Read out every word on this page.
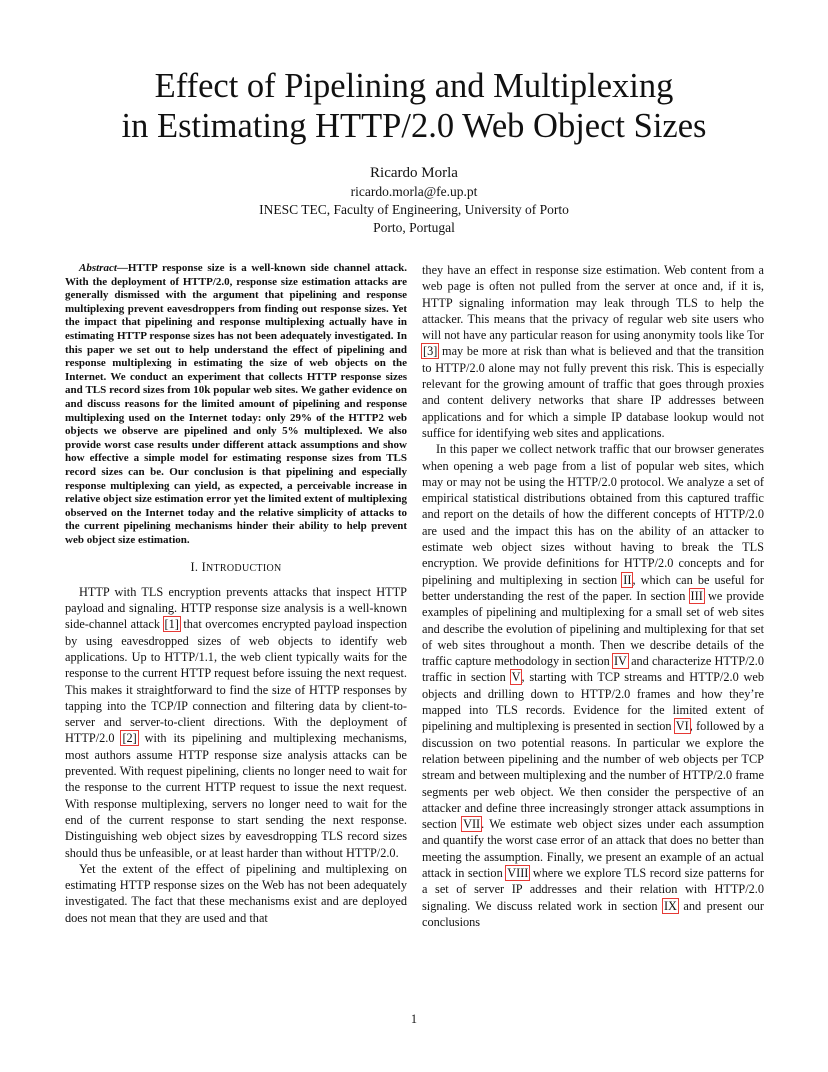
Effect of Pipelining and Multiplexing
in Estimating HTTP/2.0 Web Object Sizes
Ricardo Morla
ricardo.morla@fe.up.pt
INESC TEC, Faculty of Engineering, University of Porto
Porto, Portugal

Abstract—HTTP response size is a well-known side channel attack. With the deployment of HTTP/2.0, response size estimation attacks are generally dismissed with the argument that pipelining and response multiplexing prevent eavesdroppers from finding out response sizes. Yet the impact that pipelining and response multiplexing actually have in estimating HTTP response sizes has not been adequately investigated. In this paper we set out to help understand the effect of pipelining and response multiplexing in estimating the size of web objects on the Internet. We conduct an experiment that collects HTTP response sizes and TLS record sizes from 10k popular web sites. We gather evidence on and discuss reasons for the limited amount of pipelining and response multiplexing used on the Internet today: only 29% of the HTTP2 web objects we observe are pipelined and only 5% multiplexed. We also provide worst case results under different attack assumptions and show how effective a simple model for estimating response sizes from TLS record sizes can be. Our conclusion is that pipelining and especially response multiplexing can yield, as expected, a perceivable increase in relative object size estimation error yet the limited extent of multiplexing observed on the Internet today and the relative simplicity of attacks to the current pipelining mechanisms hinder their ability to help prevent web object size estimation.

I. INTRODUCTION

HTTP with TLS encryption prevents attacks that inspect HTTP payload and signaling. HTTP response size analysis is a well-known side-channel attack [1] that overcomes encrypted payload inspection by using eavesdropped sizes of web objects to identify web applications. Up to HTTP/1.1, the web client typically waits for the response to the current HTTP request before issuing the next request. This makes it straightforward to find the size of HTTP responses by tapping into the TCP/IP connection and filtering data by client-to-server and server-to-client directions. With the deployment of HTTP/2.0 [2] with its pipelining and multiplexing mechanisms, most authors assume HTTP response size analysis attacks can be prevented. With request pipelining, clients no longer need to wait for the response to the current HTTP request to issue the next request. With response multiplexing, servers no longer need to wait for the end of the current response to start sending the next response. Distinguishing web object sizes by eavesdropping TLS record sizes should thus be unfeasible, or at least harder than without HTTP/2.0.

Yet the extent of the effect of pipelining and multiplexing on estimating HTTP response sizes on the Web has not been adequately investigated. The fact that these mechanisms exist and are deployed does not mean that they are used and that

they have an effect in response size estimation. Web content from a web page is often not pulled from the server at once and, if it is, HTTP signaling information may leak through TLS to help the attacker. This means that the privacy of regular web site users who will not have any particular reason for using anonymity tools like Tor [3] may be more at risk than what is believed and that the transition to HTTP/2.0 alone may not fully prevent this risk. This is especially relevant for the growing amount of traffic that goes through proxies and content delivery networks that share IP addresses between applications and for which a simple IP database lookup would not suffice for identifying web sites and applications.

In this paper we collect network traffic that our browser generates when opening a web page from a list of popular web sites, which may or may not be using the HTTP/2.0 protocol. We analyze a set of empirical statistical distributions obtained from this captured traffic and report on the details of how the different concepts of HTTP/2.0 are used and the impact this has on the ability of an attacker to estimate web object sizes without having to break the TLS encryption. We provide definitions for HTTP/2.0 concepts and for pipelining and multiplexing in section II, which can be useful for better understanding the rest of the paper. In section III we provide examples of pipelining and multiplexing for a small set of web sites and describe the evolution of pipelining and multiplexing for that set of web sites throughout a month. Then we describe details of the traffic capture methodology in section IV and characterize HTTP/2.0 traffic in section V, starting with TCP streams and HTTP/2.0 web objects and drilling down to HTTP/2.0 frames and how they’re mapped into TLS records. Evidence for the limited extent of pipelining and multiplexing is presented in section VI, followed by a discussion on two potential reasons. In particular we explore the relation between pipelining and the number of web objects per TCP stream and between multiplexing and the number of HTTP/2.0 frame segments per web object. We then consider the perspective of an attacker and define three increasingly stronger attack assumptions in section VII. We estimate web object sizes under each assumption and quantify the worst case error of an attack that does no better than meeting the assumption. Finally, we present an example of an actual attack in section VIII where we explore TLS record size patterns for a set of server IP addresses and their relation with HTTP/2.0 signaling. We discuss related work in section IX and present our conclusions

1
